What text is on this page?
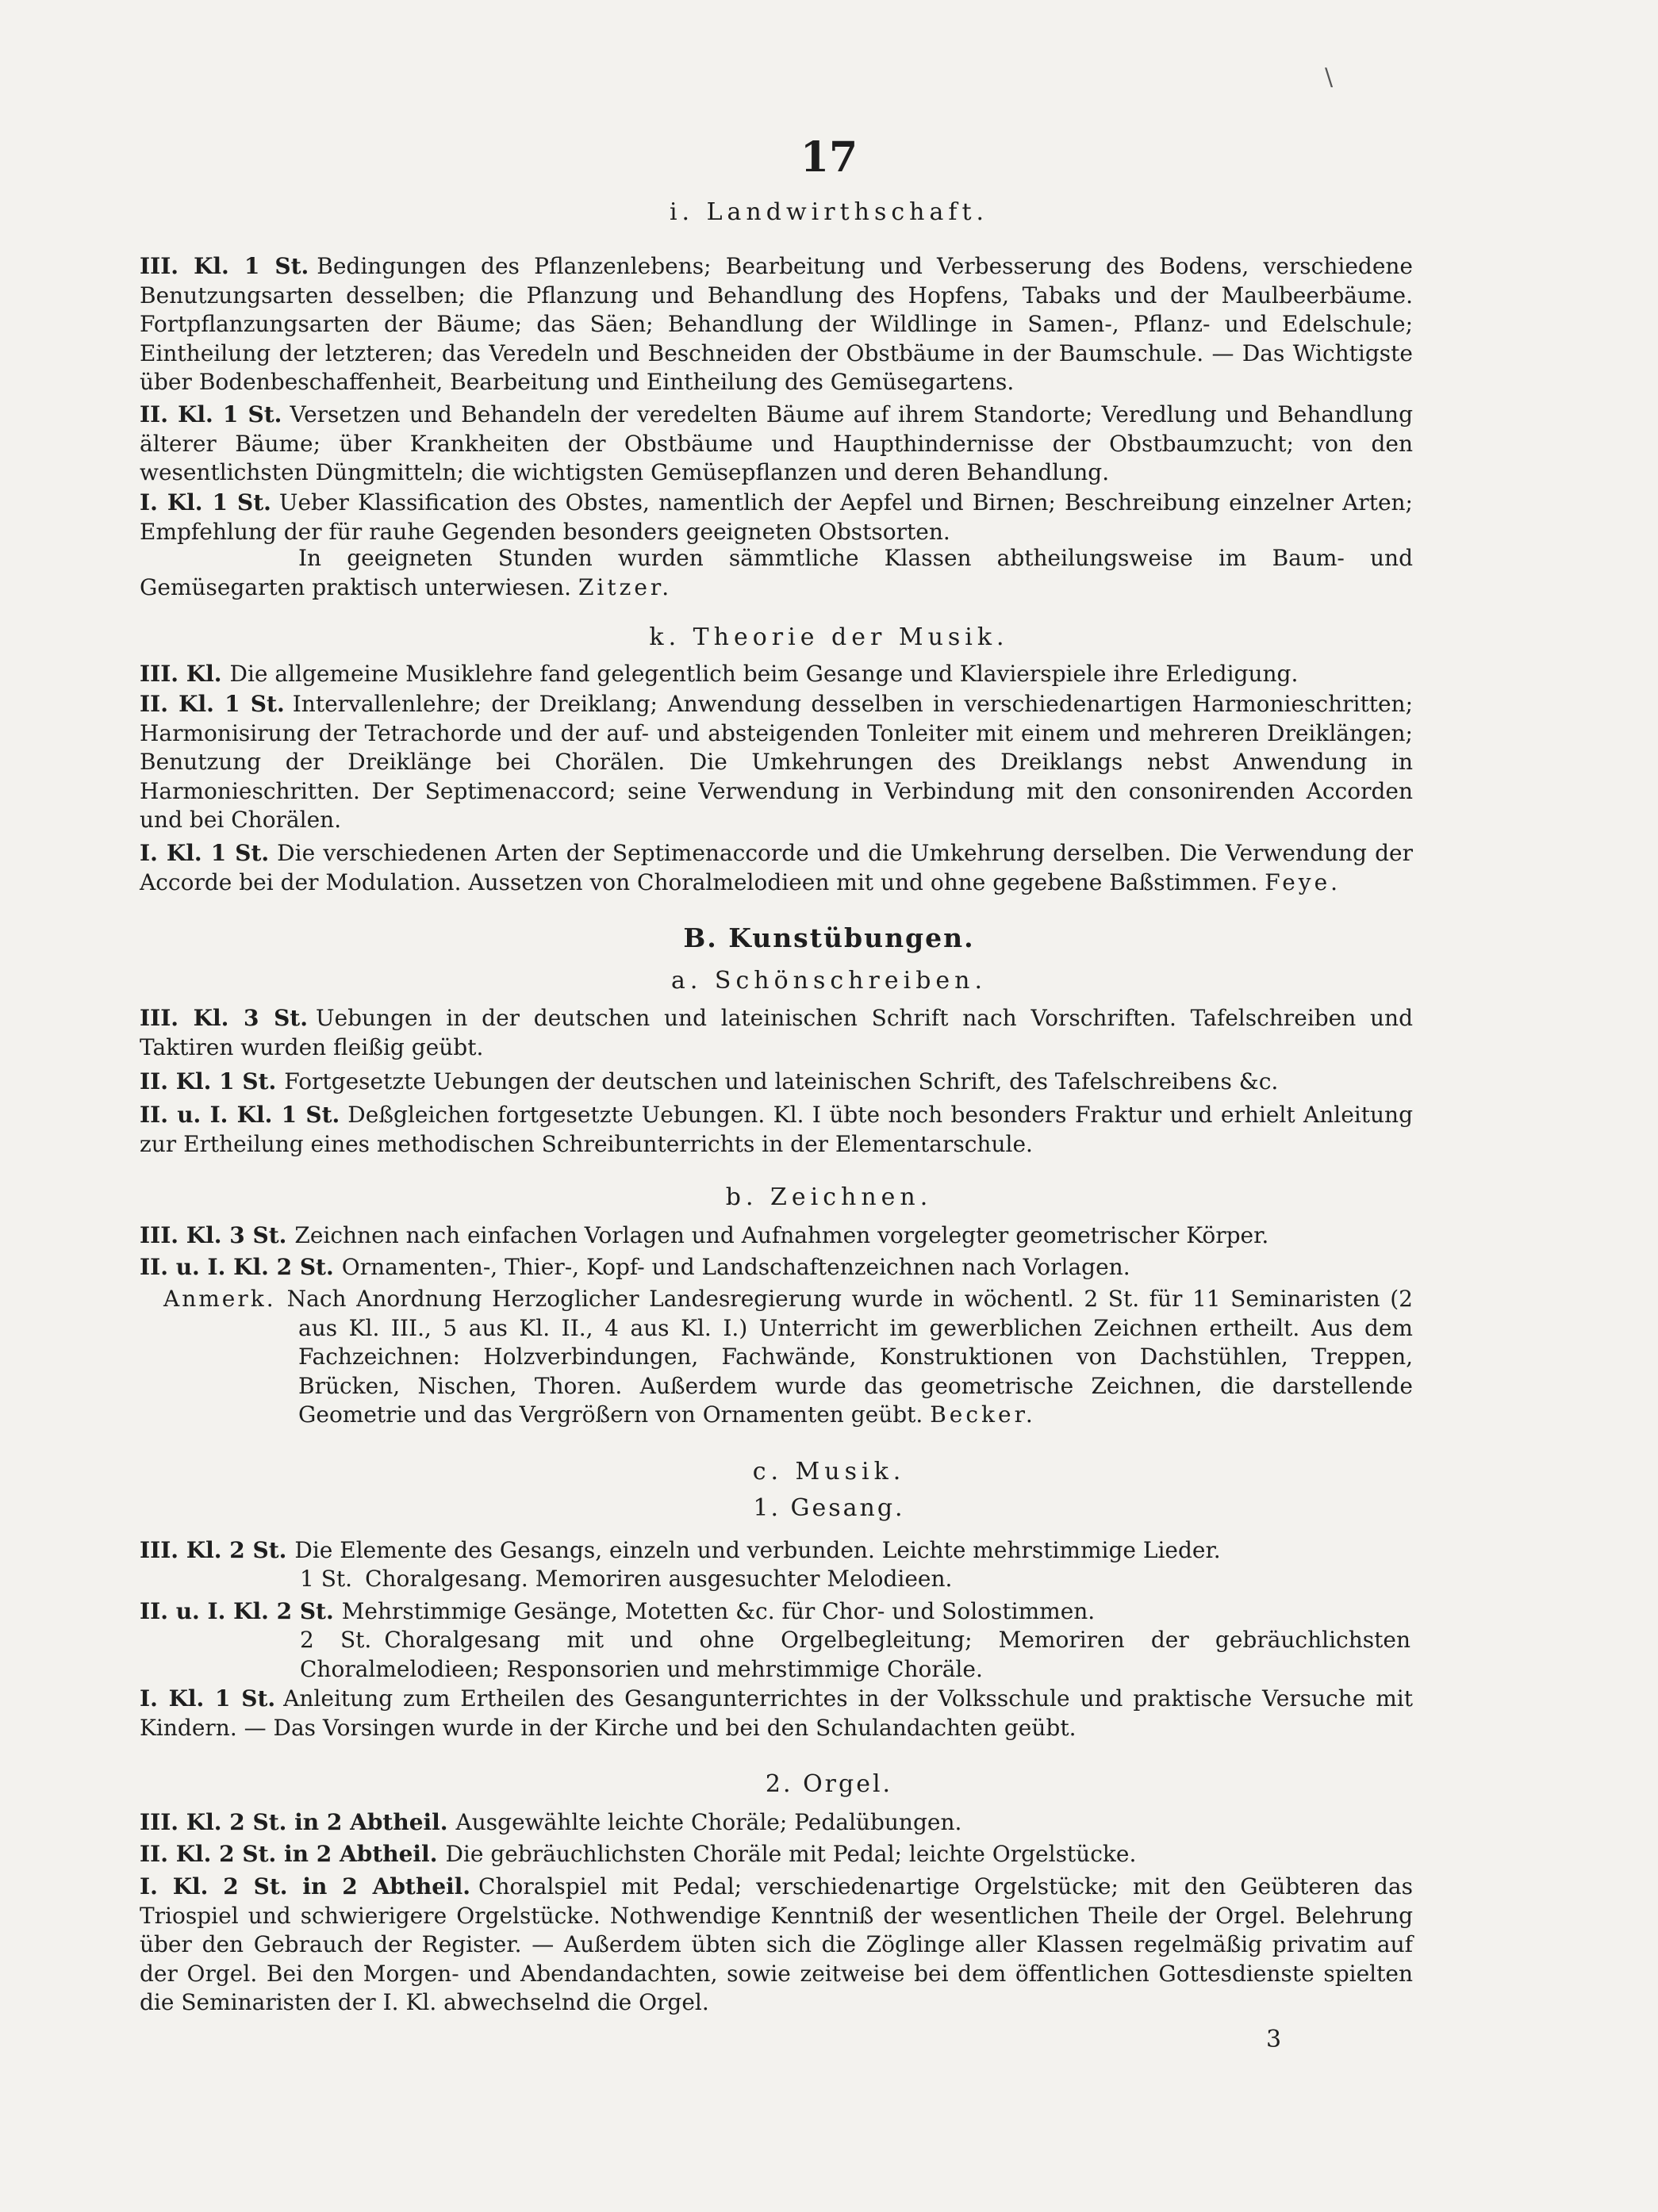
\
17
i. Landwirthschaft.
III. Kl. 1 St. Bedingungen des Pflanzenlebens; Bearbeitung und Verbesserung des Bodens, verschiedene Benutzungsarten desselben; die Pflanzung und Behandlung des Hopfens, Tabaks und der Maulbeerbäume. Fortpflanzungsarten der Bäume; das Säen; Behandlung der Wildlinge in Samen-, Pflanz- und Edelschule; Eintheilung der letzteren; das Veredeln und Beschneiden der Obstbäume in der Baumschule. — Das Wichtigste über Bodenbeschaffenheit, Bearbeitung und Eintheilung des Gemüsegartens.
II. Kl. 1 St. Versetzen und Behandeln der veredelten Bäume auf ihrem Standorte; Veredlung und Behandlung älterer Bäume; über Krankheiten der Obstbäume und Haupthindernisse der Obstbaumzucht; von den wesentlichsten Düngmitteln; die wichtigsten Gemüsepflanzen und deren Behandlung.
I. Kl. 1 St. Ueber Klassification des Obstes, namentlich der Aepfel und Birnen; Beschreibung einzelner Arten; Empfehlung der für rauhe Gegenden besonders geeigneten Obstsorten.
In geeigneten Stunden wurden sämmtliche Klassen abtheilungsweise im Baum- und Gemüsegarten praktisch unterwiesen. Zitzer.
k. Theorie der Musik.
III. Kl. Die allgemeine Musiklehre fand gelegentlich beim Gesange und Klavierspiele ihre Erledigung.
II. Kl. 1 St. Intervallenlehre; der Dreiklang; Anwendung desselben in verschiedenartigen Harmonieschritten; Harmonisirung der Tetrachorde und der auf- und absteigenden Tonleiter mit einem und mehreren Dreiklängen; Benutzung der Dreiklänge bei Chorälen. Die Umkehrungen des Dreiklangs nebst Anwendung in Harmonieschritten. Der Septimenaccord; seine Verwendung in Verbindung mit den consonirenden Accorden und bei Chorälen.
I. Kl. 1 St. Die verschiedenen Arten der Septimenaccorde und die Umkehrung derselben. Die Verwendung der Accorde bei der Modulation. Aussetzen von Choralmelodieen mit und ohne gegebene Baßstimmen. Feye.
B. Kunstübungen.
a. Schönschreiben.
III. Kl. 3 St. Uebungen in der deutschen und lateinischen Schrift nach Vorschriften. Tafelschreiben und Taktiren wurden fleißig geübt.
II. Kl. 1 St. Fortgesetzte Uebungen der deutschen und lateinischen Schrift, des Tafelschreibens &c.
II. u. I. Kl. 1 St. Deßgleichen fortgesetzte Uebungen. Kl. I übte noch besonders Fraktur und erhielt Anleitung zur Ertheilung eines methodischen Schreibunterrichts in der Elementarschule.
b. Zeichnen.
III. Kl. 3 St. Zeichnen nach einfachen Vorlagen und Aufnahmen vorgelegter geometrischer Körper.
II. u. I. Kl. 2 St. Ornamenten-, Thier-, Kopf- und Landschaftenzeichnen nach Vorlagen.
Anmerk. Nach Anordnung Herzoglicher Landesregierung wurde in wöchentl. 2 St. für 11 Seminaristen (2 aus Kl. III., 5 aus Kl. II., 4 aus Kl. I.) Unterricht im gewerblichen Zeichnen ertheilt. Aus dem Fachzeichnen: Holzverbindungen, Fachwände, Konstruktionen von Dachstühlen, Treppen, Brücken, Nischen, Thoren. Außerdem wurde das geometrische Zeichnen, die darstellende Geometrie und das Vergrößern von Ornamenten geübt. Becker.
c. Musik.
1. Gesang.
III. Kl. 2 St. Die Elemente des Gesangs, einzeln und verbunden. Leichte mehrstimmige Lieder.
1 St. Choralgesang. Memoriren ausgesuchter Melodieen.
II. u. I. Kl. 2 St. Mehrstimmige Gesänge, Motetten &c. für Chor- und Solostimmen.
2 St. Choralgesang mit und ohne Orgelbegleitung; Memoriren der gebräuchlichsten Choralmelodieen; Responsorien und mehrstimmige Choräle.
I. Kl. 1 St. Anleitung zum Ertheilen des Gesangunterrichtes in der Volksschule und praktische Versuche mit Kindern. — Das Vorsingen wurde in der Kirche und bei den Schulandachten geübt.
2. Orgel.
III. Kl. 2 St. in 2 Abtheil. Ausgewählte leichte Choräle; Pedalübungen.
II. Kl. 2 St. in 2 Abtheil. Die gebräuchlichsten Choräle mit Pedal; leichte Orgelstücke.
I. Kl. 2 St. in 2 Abtheil. Choralspiel mit Pedal; verschiedenartige Orgelstücke; mit den Geübteren das Triospiel und schwierigere Orgelstücke. Nothwendige Kenntniß der wesentlichen Theile der Orgel. Belehrung über den Gebrauch der Register. — Außerdem übten sich die Zöglinge aller Klassen regelmäßig privatim auf der Orgel. Bei den Morgen- und Abendandachten, sowie zeitweise bei dem öffentlichen Gottesdienste spielten die Seminaristen der I. Kl. abwechselnd die Orgel.
3
